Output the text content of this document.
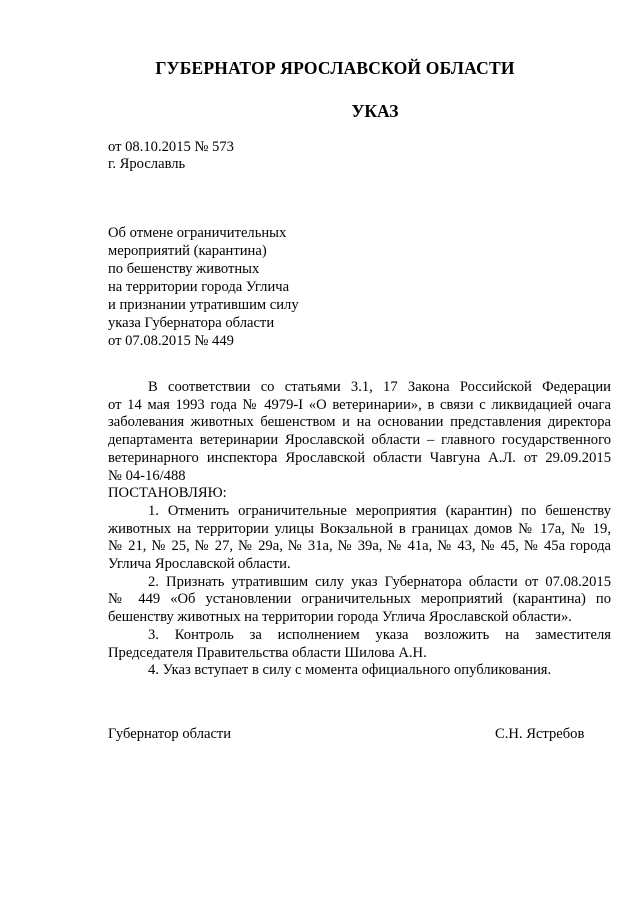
ГУБЕРНАТОР ЯРОСЛАВСКОЙ ОБЛАСТИ
УКАЗ
от 08.10.2015 № 573
г. Ярославль
Об отмене ограничительных
мероприятий (карантина)
по бешенству животных
на территории города Углича
и признании утратившим силу
указа Губернатора области
от 07.08.2015 № 449
В соответствии со статьями 3.1, 17 Закона Российской Федерации
от 14 мая 1993 года № 4979-I «О ветеринарии», в связи с ликвидацией очага
заболевания животных бешенством и на основании представления директора
департамента ветеринарии Ярославской области – главного государственного
ветеринарного инспектора Ярославской области Чавгуна А.Л. от 29.09.2015
№ 04-16/488
ПОСТАНОВЛЯЮ:
1. Отменить ограничительные мероприятия (карантин) по бешенству
животных на территории улицы Вокзальной в границах домов № 17а, № 19,
№ 21, № 25, № 27, № 29а, № 31а, № 39а, № 41а, № 43, № 45, № 45а города
Углича Ярославской области.
2. Признать утратившим силу указ Губернатора области от 07.08.2015
№ 449 «Об установлении ограничительных мероприятий (карантина) по
бешенству животных на территории города Углича Ярославской области».
3. Контроль за исполнением указа возложить на заместителя
Председателя Правительства области Шилова А.Н.
4. Указ вступает в силу с момента официального опубликования.
Губернатор области	С.Н. Ястребов
